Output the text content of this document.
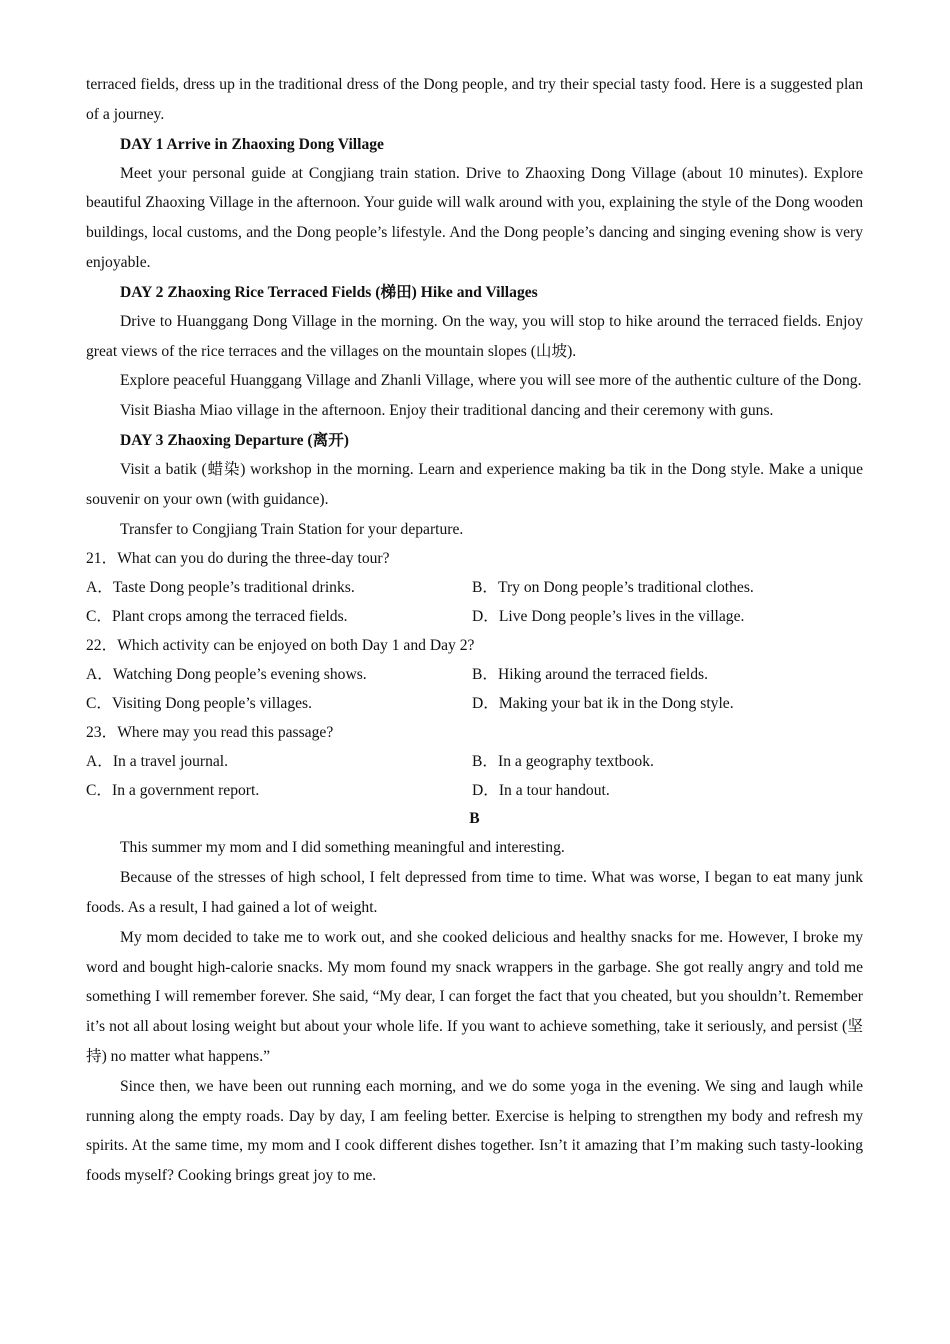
terraced fields, dress up in the traditional dress of the Dong people, and try their special tasty food. Here is a suggested plan of a journey.

DAY 1 Arrive in Zhaoxing Dong Village

Meet your personal guide at Congjiang train station. Drive to Zhaoxing Dong Village (about 10 minutes). Explore beautiful Zhaoxing Village in the afternoon. Your guide will walk around with you, explaining the style of the Dong wooden buildings, local customs, and the Dong people’s lifestyle. And the Dong people’s dancing and singing evening show is very enjoyable.

DAY 2 Zhaoxing Rice Terraced Fields (梯田) Hike and Villages

Drive to Huanggang Dong Village in the morning. On the way, you will stop to hike around the terraced fields. Enjoy great views of the rice terraces and the villages on the mountain slopes (山坡).

Explore peaceful Huanggang Village and Zhanli Village, where you will see more of the authentic culture of the Dong.

Visit Biasha Miao village in the afternoon. Enjoy their traditional dancing and their ceremony with guns.

DAY 3 Zhaoxing Departure (离开)

Visit a batik (蜡染) workshop in the morning. Learn and experience making ba tik in the Dong style. Make a unique souvenir on your own (with guidance).

Transfer to Congjiang Train Station for your departure.

21．What can you do during the three-day tour?
A．Taste Dong people’s traditional drinks.	B．Try on Dong people’s traditional clothes.
C．Plant crops among the terraced fields.	D．Live Dong people’s lives in the village.
22．Which activity can be enjoyed on both Day 1 and Day 2?
A．Watching Dong people’s evening shows.	B．Hiking around the terraced fields.
C．Visiting Dong people’s villages.	D．Making your bat ik in the Dong style.
23．Where may you read this passage?
A．In a travel journal.	B．In a geography textbook.
C．In a government report.	D．In a tour handout.
B

This summer my mom and I did something meaningful and interesting.

Because of the stresses of high school, I felt depressed from time to time. What was worse, I began to eat many junk foods. As a result, I had gained a lot of weight.

My mom decided to take me to work out, and she cooked delicious and healthy snacks for me. However, I broke my word and bought high-calorie snacks. My mom found my snack wrappers in the garbage. She got really angry and told me something I will remember forever. She said, “My dear, I can forget the fact that you cheated, but you shouldn’t. Remember it’s not all about losing weight but about your whole life. If you want to achieve something, take it seriously, and persist (坚持) no matter what happens.”

Since then, we have been out running each morning, and we do some yoga in the evening. We sing and laugh while running along the empty roads. Day by day, I am feeling better. Exercise is helping to strengthen my body and refresh my spirits. At the same time, my mom and I cook different dishes together. Isn’t it amazing that I’m making such tasty-looking foods myself? Cooking brings great joy to me.
